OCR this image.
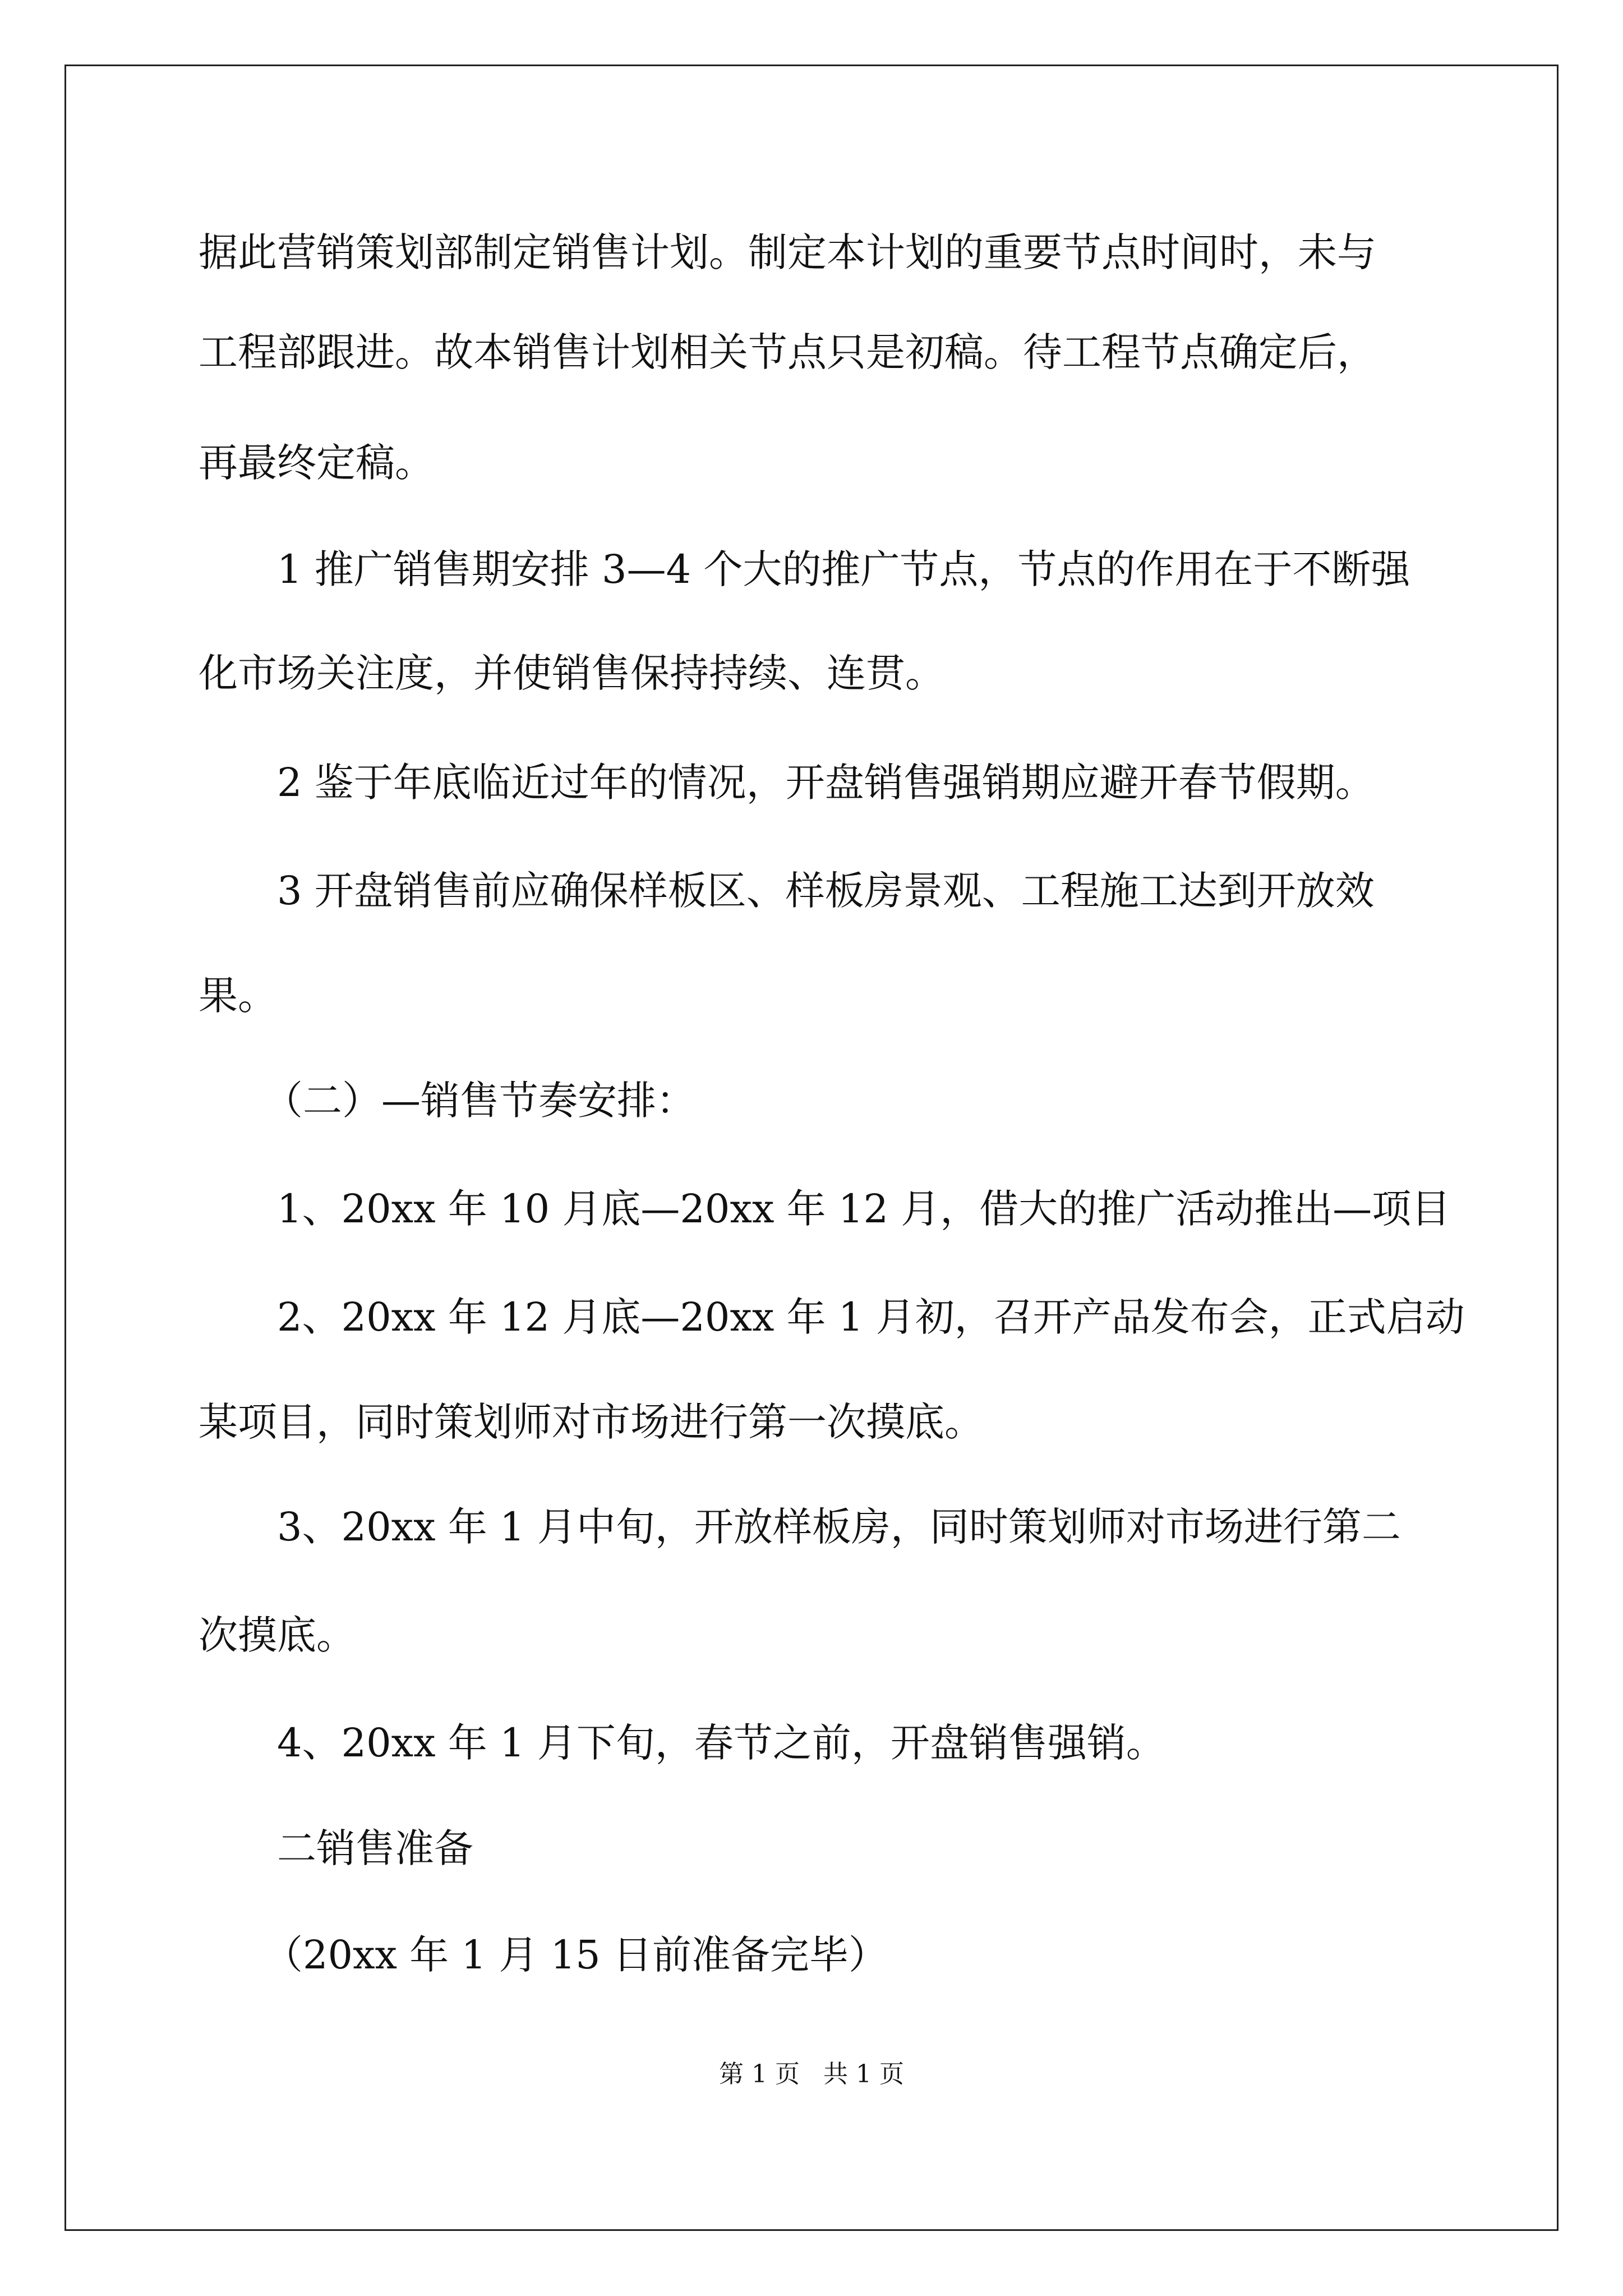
据此营销策划部制定销售计划。制定本计划的重要节点时间时，未与
工程部跟进。故本销售计划相关节点只是初稿。待工程节点确定后，
再最终定稿。
1 推广销售期安排 3—4 个大的推广节点，节点的作用在于不断强
化市场关注度，并使销售保持持续、连贯。
2 鉴于年底临近过年的情况，开盘销售强销期应避开春节假期。
3 开盘销售前应确保样板区、样板房景观、工程施工达到开放效
果。
（二）—销售节奏安排：
1、20xx 年 10 月底—20xx 年 12 月，借大的推广活动推出—项目
2、20xx 年 12 月底—20xx 年 1 月初，召开产品发布会，正式启动
某项目，同时策划师对市场进行第一次摸底。
3、20xx 年 1 月中旬，开放样板房，同时策划师对市场进行第二
次摸底。
4、20xx 年 1 月下旬，春节之前，开盘销售强销。
二销售准备
（20xx 年 1 月 15 日前准备完毕）
第 1 页   共 1 页
